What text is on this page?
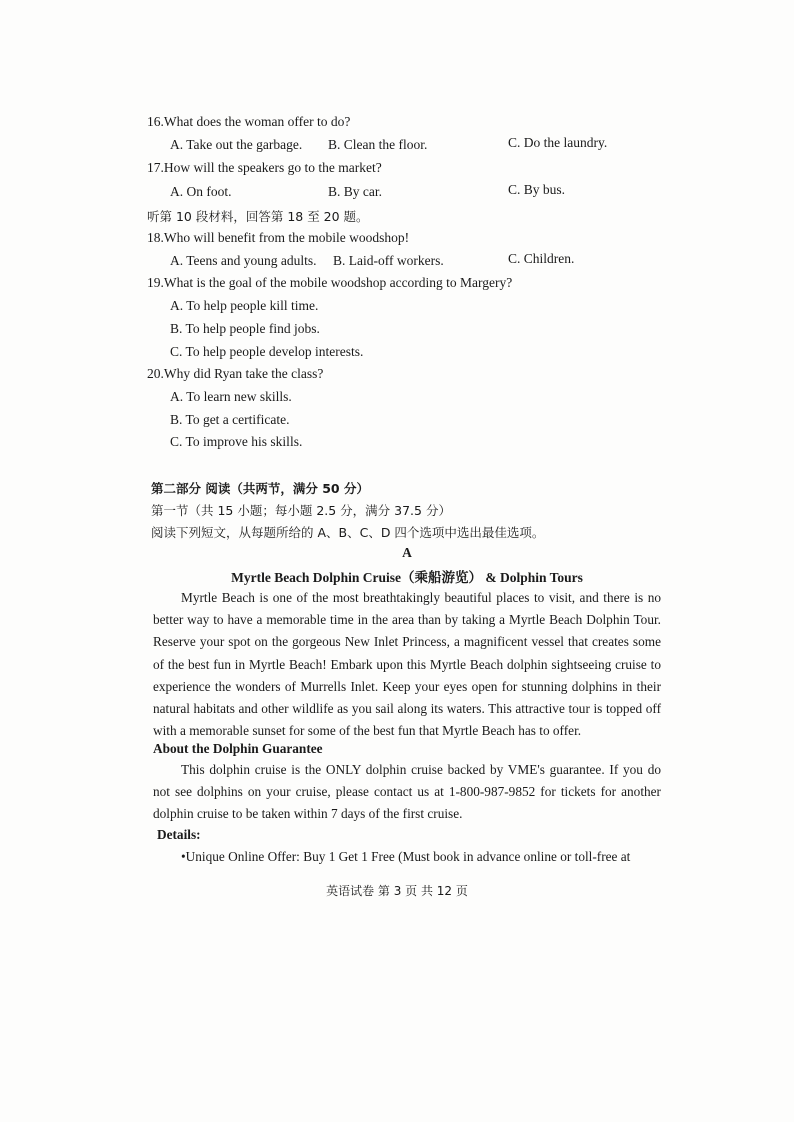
16.What does the woman offer to do?
A. Take out the garbage. B. Clean the floor.	C. Do the laundry.
17.How will the speakers go to the market?
A. On foot.	B. By car.	C. By bus.
听第 10 段材料，回答第 18 至 20 题。
18.Who will benefit from the mobile woodshop!
A. Teens and young adults. B. Laid-off workers.	C. Children.
19.What is the goal of the mobile woodshop according to Margery?
A. To help people kill time.
B. To help people find jobs.
C. To help people develop interests.
20.Why did Ryan take the class?
A. To learn new skills.
B. To get a certificate.
C. To improve his skills.
第二部分 阅读（共两节，满分 50 分）
第一节（共 15 小题；每小题 2.5 分，满分 37.5 分）
阅读下列短文，从每题所给的 A、B、C、D 四个选项中选出最佳选项。
A
Myrtle Beach Dolphin Cruise（乘船游览） & Dolphin Tours
Myrtle Beach is one of the most breathtakingly beautiful places to visit, and there is no better way to have a memorable time in the area than by taking a Myrtle Beach Dolphin Tour. Reserve your spot on the gorgeous New Inlet Princess, a magnificent vessel that creates some of the best fun in Myrtle Beach! Embark upon this Myrtle Beach dolphin sightseeing cruise to experience the wonders of Murrells Inlet. Keep your eyes open for stunning dolphins in their natural habitats and other wildlife as you sail along its waters. This attractive tour is topped off with a memorable sunset for some of the best fun that Myrtle Beach has to offer.
About the Dolphin Guarantee
This dolphin cruise is the ONLY dolphin cruise backed by VME's guarantee. If you do not see dolphins on your cruise, please contact us at 1-800-987-9852 for tickets for another dolphin cruise to be taken within 7 days of the first cruise.
Details:
•Unique Online Offer: Buy 1 Get 1 Free (Must book in advance online or toll-free at
英语试卷 第 3 页 共 12 页
